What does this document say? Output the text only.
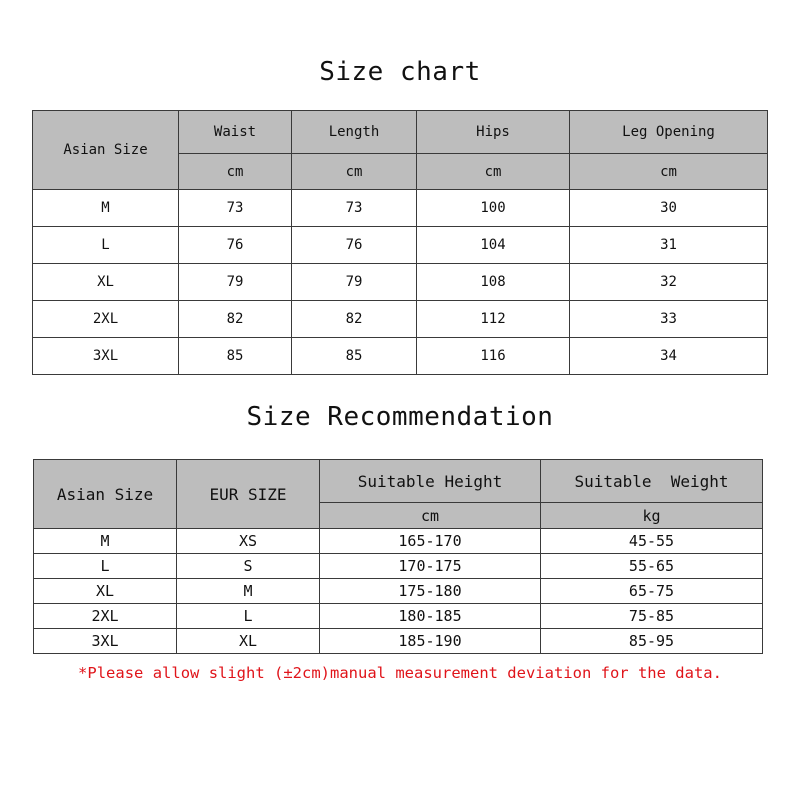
Size chart
Asian Size	Waist	Length	Hips	Leg Opening
	cm	cm	cm	cm
M	73	73	100	30
L	76	76	104	31
XL	79	79	108	32
2XL	82	82	112	33
3XL	85	85	116	34
Size Recommendation
Asian Size	EUR SIZE	Suitable Height	Suitable  Weight
		cm	kg
M	XS	165-170	45-55
L	S	170-175	55-65
XL	M	175-180	65-75
2XL	L	180-185	75-85
3XL	XL	185-190	85-95
*Please allow slight (±2cm)manual measurement deviation for the data.
